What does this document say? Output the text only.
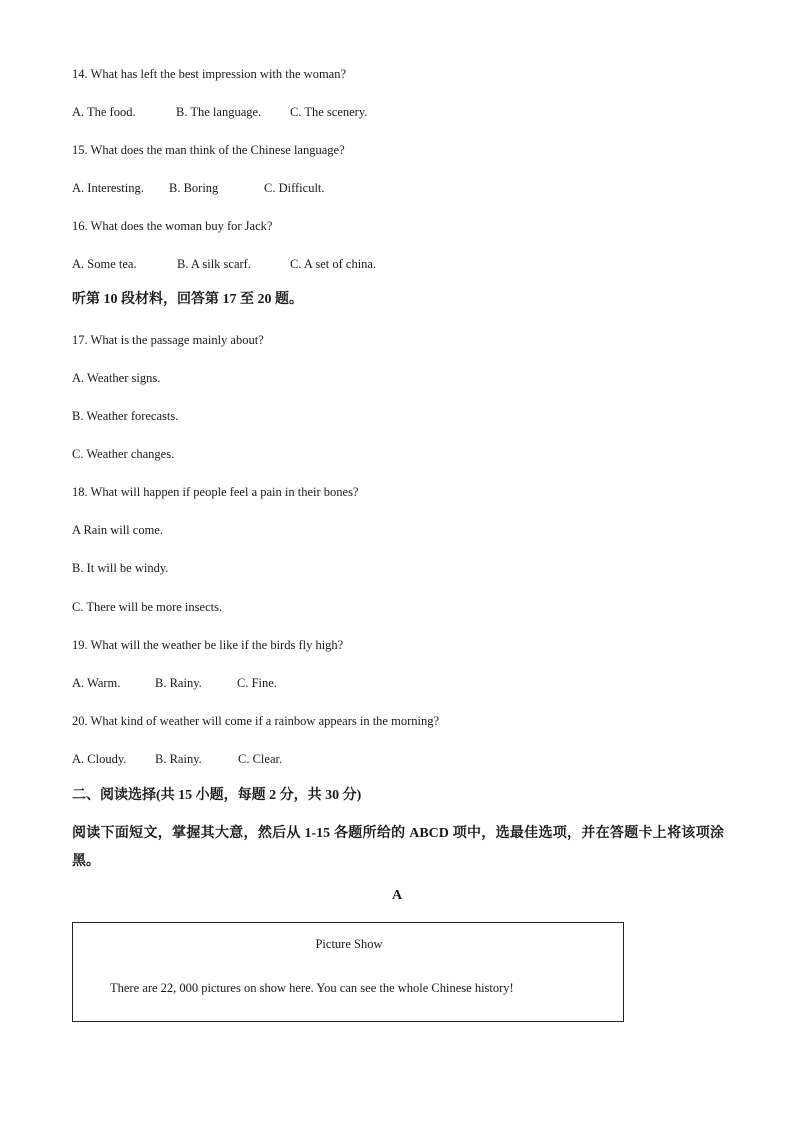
14. What has left the best impression with the woman?

A. The food.	B. The language. C. The scenery.

15. What does the man think of the Chinese language?

A. Interesting. B. Boring	C. Difficult.

16. What does the woman buy for Jack?

A. Some tea.	B. A silk scarf.	C. A set of china.

听第 10 段材料，回答第 17 至 20 题。

17. What is the passage mainly about?

A. Weather signs.

B. Weather forecasts.

C. Weather changes.

18. What will happen if people feel a pain in their bones?

A Rain will come.

B. It will be windy.

C. There will be more insects.

19. What will the weather be like if the birds fly high?

A. Warm.	B. Rainy.	C. Fine.

20. What kind of weather will come if a rainbow appears in the morning?

A. Cloudy. B. Rainy.	C. Clear.

二、阅读选择(共 15 小题，每题 2 分，共 30 分)

阅读下面短文，掌握其大意，然后从 1-15 各题所给的 ABCD 项中，选最佳选项，并在答题卡上将该项涂黑。

A

Picture Show

There are 22, 000 pictures on show here. You can see the whole Chinese history!
